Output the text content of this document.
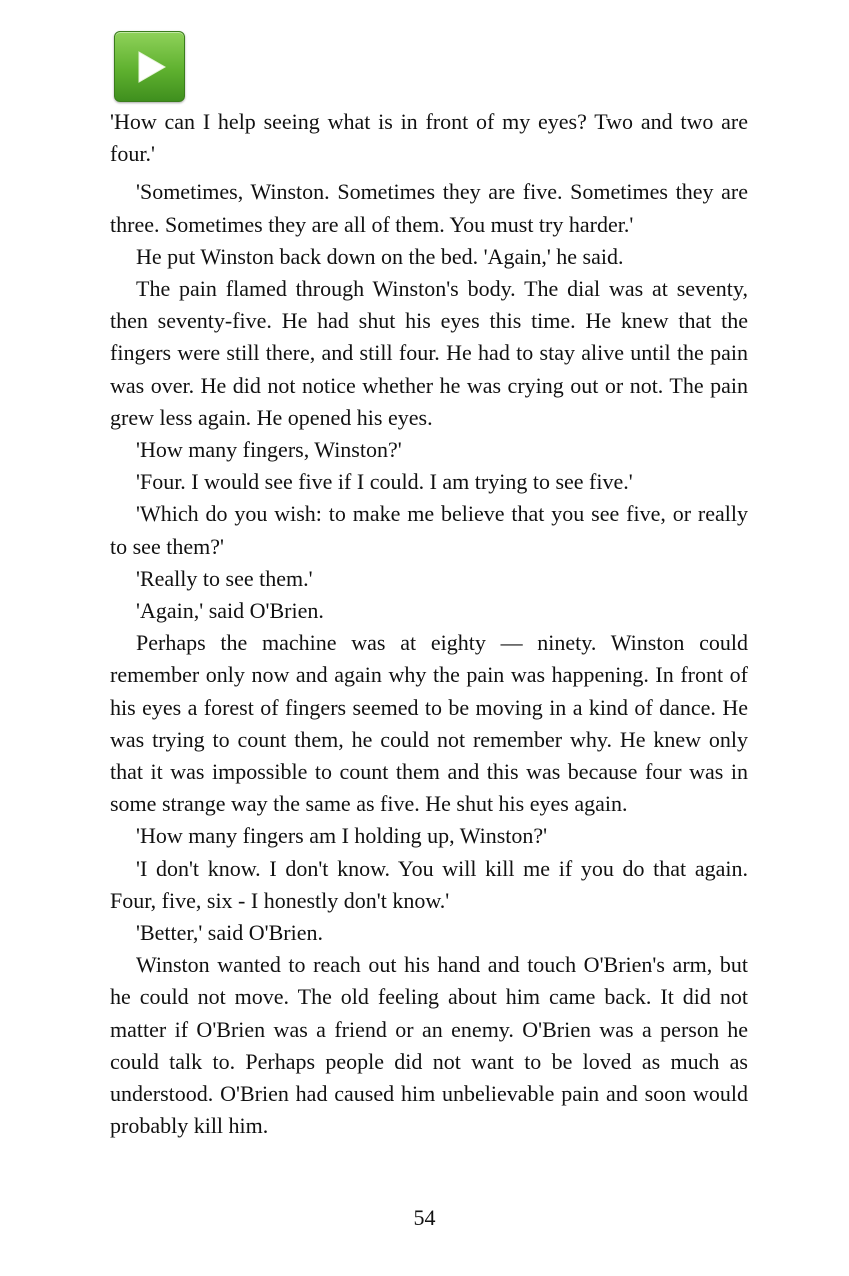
'How can I help seeing what is in front of my eyes? Two and two are four.'

'Sometimes, Winston. Sometimes they are five. Sometimes they are three. Sometimes they are all of them. You must try harder.'

He put Winston back down on the bed. 'Again,' he said.

The pain flamed through Winston's body. The dial was at seventy, then seventy-five. He had shut his eyes this time. He knew that the fingers were still there, and still four. He had to stay alive until the pain was over. He did not notice whether he was crying out or not. The pain grew less again. He opened his eyes.

'How many fingers, Winston?'

'Four. I would see five if I could. I am trying to see five.'

'Which do you wish: to make me believe that you see five, or really to see them?'

'Really to see them.'

'Again,' said O'Brien.

Perhaps the machine was at eighty — ninety. Winston could remember only now and again why the pain was happening. In front of his eyes a forest of fingers seemed to be moving in a kind of dance. He was trying to count them, he could not remember why. He knew only that it was impossible to count them and this was because four was in some strange way the same as five. He shut his eyes again.

'How many fingers am I holding up, Winston?'

'I don't know. I don't know. You will kill me if you do that again. Four, five, six - I honestly don't know.'

'Better,' said O'Brien.

Winston wanted to reach out his hand and touch O'Brien's arm, but he could not move. The old feeling about him came back. It did not matter if O'Brien was a friend or an enemy. O'Brien was a person he could talk to. Perhaps people did not want to be loved as much as understood. O'Brien had caused him unbelievable pain and soon would probably kill him.

54
